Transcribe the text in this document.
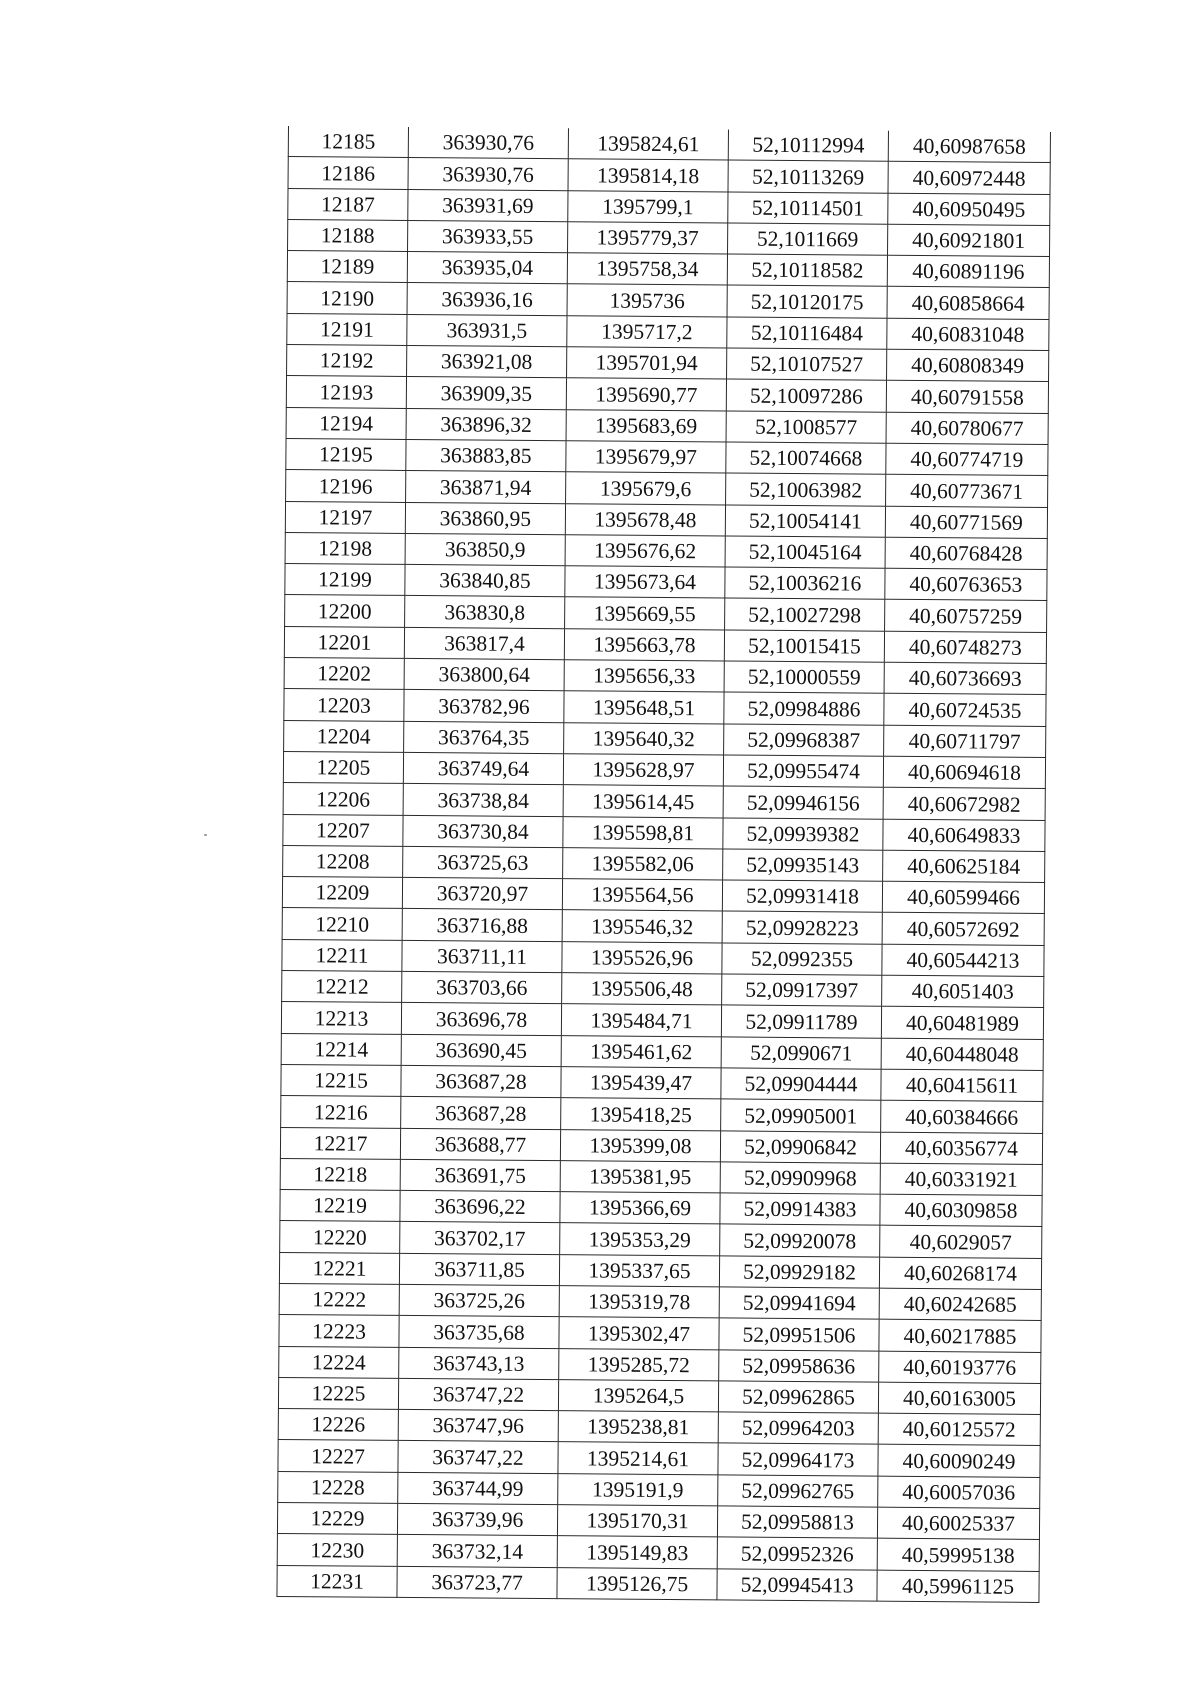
12185	363930,76	1395824,61	52,10112994	40,60987658
12186	363930,76	1395814,18	52,10113269	40,60972448
12187	363931,69	1395799,1	52,10114501	40,60950495
12188	363933,55	1395779,37	52,1011669	40,60921801
12189	363935,04	1395758,34	52,10118582	40,60891196
12190	363936,16	1395736	52,10120175	40,60858664
12191	363931,5	1395717,2	52,10116484	40,60831048
12192	363921,08	1395701,94	52,10107527	40,60808349
12193	363909,35	1395690,77	52,10097286	40,60791558
12194	363896,32	1395683,69	52,1008577	40,60780677
12195	363883,85	1395679,97	52,10074668	40,60774719
12196	363871,94	1395679,6	52,10063982	40,60773671
12197	363860,95	1395678,48	52,10054141	40,60771569
12198	363850,9	1395676,62	52,10045164	40,60768428
12199	363840,85	1395673,64	52,10036216	40,60763653
12200	363830,8	1395669,55	52,10027298	40,60757259
12201	363817,4	1395663,78	52,10015415	40,60748273
12202	363800,64	1395656,33	52,10000559	40,60736693
12203	363782,96	1395648,51	52,09984886	40,60724535
12204	363764,35	1395640,32	52,09968387	40,60711797
12205	363749,64	1395628,97	52,09955474	40,60694618
12206	363738,84	1395614,45	52,09946156	40,60672982
12207	363730,84	1395598,81	52,09939382	40,60649833
12208	363725,63	1395582,06	52,09935143	40,60625184
12209	363720,97	1395564,56	52,09931418	40,60599466
12210	363716,88	1395546,32	52,09928223	40,60572692
12211	363711,11	1395526,96	52,0992355	40,60544213
12212	363703,66	1395506,48	52,09917397	40,6051403
12213	363696,78	1395484,71	52,09911789	40,60481989
12214	363690,45	1395461,62	52,0990671	40,60448048
12215	363687,28	1395439,47	52,09904444	40,60415611
12216	363687,28	1395418,25	52,09905001	40,60384666
12217	363688,77	1395399,08	52,09906842	40,60356774
12218	363691,75	1395381,95	52,09909968	40,60331921
12219	363696,22	1395366,69	52,09914383	40,60309858
12220	363702,17	1395353,29	52,09920078	40,6029057
12221	363711,85	1395337,65	52,09929182	40,60268174
12222	363725,26	1395319,78	52,09941694	40,60242685
12223	363735,68	1395302,47	52,09951506	40,60217885
12224	363743,13	1395285,72	52,09958636	40,60193776
12225	363747,22	1395264,5	52,09962865	40,60163005
12226	363747,96	1395238,81	52,09964203	40,60125572
12227	363747,22	1395214,61	52,09964173	40,60090249
12228	363744,99	1395191,9	52,09962765	40,60057036
12229	363739,96	1395170,31	52,09958813	40,60025337
12230	363732,14	1395149,83	52,09952326	40,59995138
12231	363723,77	1395126,75	52,09945413	40,59961125
